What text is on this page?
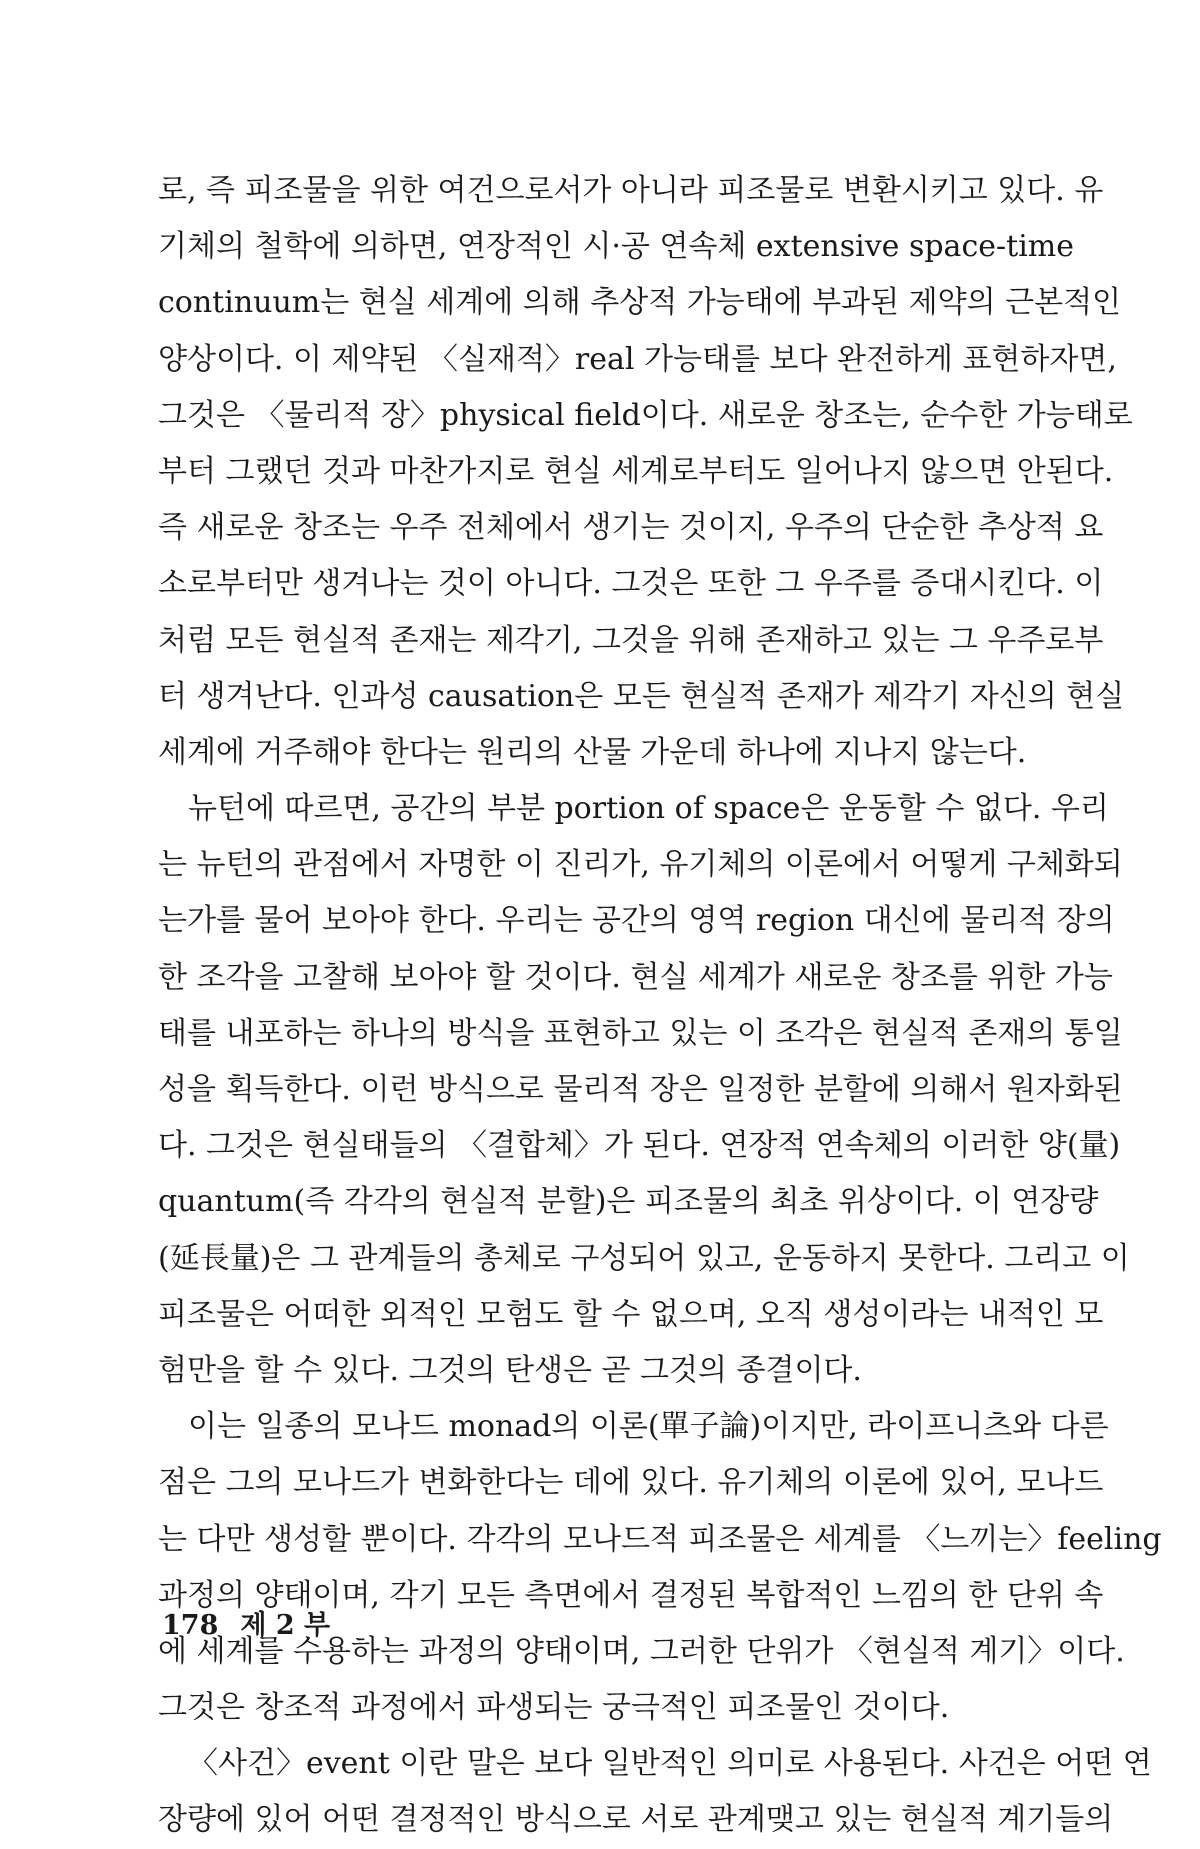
로, 즉 피조물을 위한 여건으로서가 아니라 피조물로 변환시키고 있다. 유
기체의 철학에 의하면, 연장적인 시·공 연속체 extensive space-time
continuum는 현실 세계에 의해 추상적 가능태에 부과된 제약의 근본적인
양상이다. 이 제약된 〈실재적〉real 가능태를 보다 완전하게 표현하자면,
그것은 〈물리적 장〉physical field이다. 새로운 창조는, 순수한 가능태로
부터 그랬던 것과 마찬가지로 현실 세계로부터도 일어나지 않으면 안된다.
즉 새로운 창조는 우주 전체에서 생기는 것이지, 우주의 단순한 추상적 요
소로부터만 생겨나는 것이 아니다. 그것은 또한 그 우주를 증대시킨다. 이
처럼 모든 현실적 존재는 제각기, 그것을 위해 존재하고 있는 그 우주로부
터 생겨난다. 인과성 causation은 모든 현실적 존재가 제각기 자신의 현실
세계에 거주해야 한다는 원리의 산물 가운데 하나에 지나지 않는다.
뉴턴에 따르면, 공간의 부분 portion of space은 운동할 수 없다. 우리
는 뉴턴의 관점에서 자명한 이 진리가, 유기체의 이론에서 어떻게 구체화되
는가를 물어 보아야 한다. 우리는 공간의 영역 region 대신에 물리적 장의
한 조각을 고찰해 보아야 할 것이다. 현실 세계가 새로운 창조를 위한 가능
태를 내포하는 하나의 방식을 표현하고 있는 이 조각은 현실적 존재의 통일
성을 획득한다. 이런 방식으로 물리적 장은 일정한 분할에 의해서 원자화된
다. 그것은 현실태들의 〈결합체〉가 된다. 연장적 연속체의 이러한 양(量)
quantum(즉 각각의 현실적 분할)은 피조물의 최초 위상이다. 이 연장량
(延長量)은 그 관계들의 총체로 구성되어 있고, 운동하지 못한다. 그리고 이
피조물은 어떠한 외적인 모험도 할 수 없으며, 오직 생성이라는 내적인 모
험만을 할 수 있다. 그것의 탄생은 곧 그것의 종결이다.
이는 일종의 모나드 monad의 이론(單子論)이지만, 라이프니츠와 다른
점은 그의 모나드가 변화한다는 데에 있다. 유기체의 이론에 있어, 모나드
는 다만 생성할 뿐이다. 각각의 모나드적 피조물은 세계를 〈느끼는〉feeling
과정의 양태이며, 각기 모든 측면에서 결정된 복합적인 느낌의 한 단위 속
에 세계를 수용하는 과정의 양태이며, 그러한 단위가 〈현실적 계기〉이다.
그것은 창조적 과정에서 파생되는 궁극적인 피조물인 것이다.
〈사건〉event 이란 말은 보다 일반적인 의미로 사용된다. 사건은 어떤 연
장량에 있어 어떤 결정적인 방식으로 서로 관계맺고 있는 현실적 계기들의
178 제 2 부
